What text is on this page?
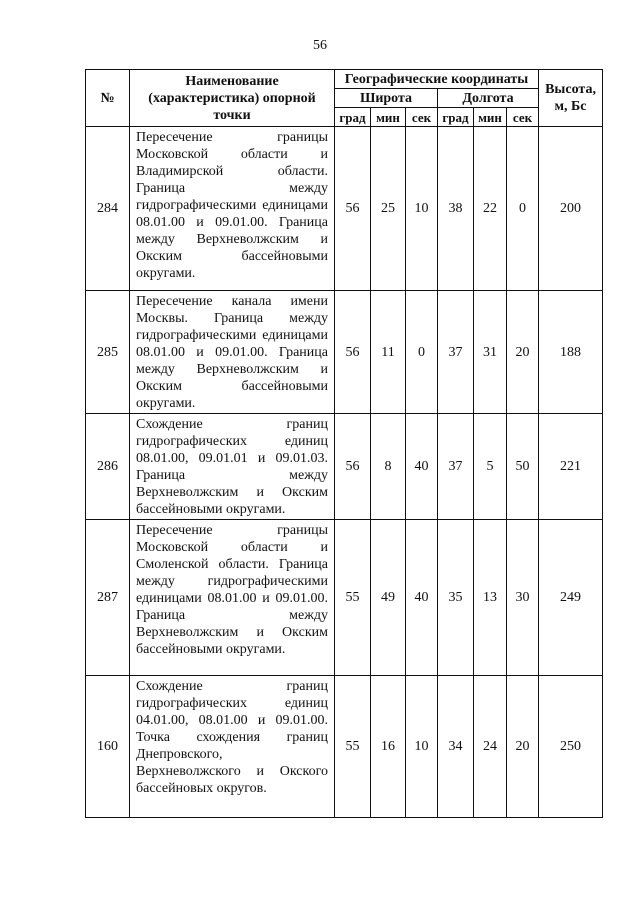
56
№	Наименование (характеристика) опорной точки	Географические координаты						Высота, м, Бс
		Широта			Долгота			
		град	мин	сек	град	мин	сек	
284	Пересечение границы Московской области и Владимирской области. Граница между гидрографическими единицами 08.01.00 и 09.01.00. Граница между Верхневолжским и Окским бассейновыми округами.	56	25	10	38	22	0	200
285	Пересечение канала имени Москвы. Граница между гидрографическими единицами 08.01.00 и 09.01.00. Граница между Верхневолжским и Окским бассейновыми округами.	56	11	0	37	31	20	188
286	Схождение границ гидрографических единиц 08.01.00, 09.01.01 и 09.01.03. Граница между Верхневолжским и Окским бассейновыми округами.	56	8	40	37	5	50	221
287	Пересечение границы Московской области и Смоленской области. Граница между гидрографическими единицами 08.01.00 и 09.01.00. Граница между Верхневолжским и Окским бассейновыми округами.	55	49	40	35	13	30	249
160	Схождение границ гидрографических единиц 04.01.00, 08.01.00 и 09.01.00. Точка схождения границ Днепровского, Верхневолжского и Окского бассейновых округов.	55	16	10	34	24	20	250
